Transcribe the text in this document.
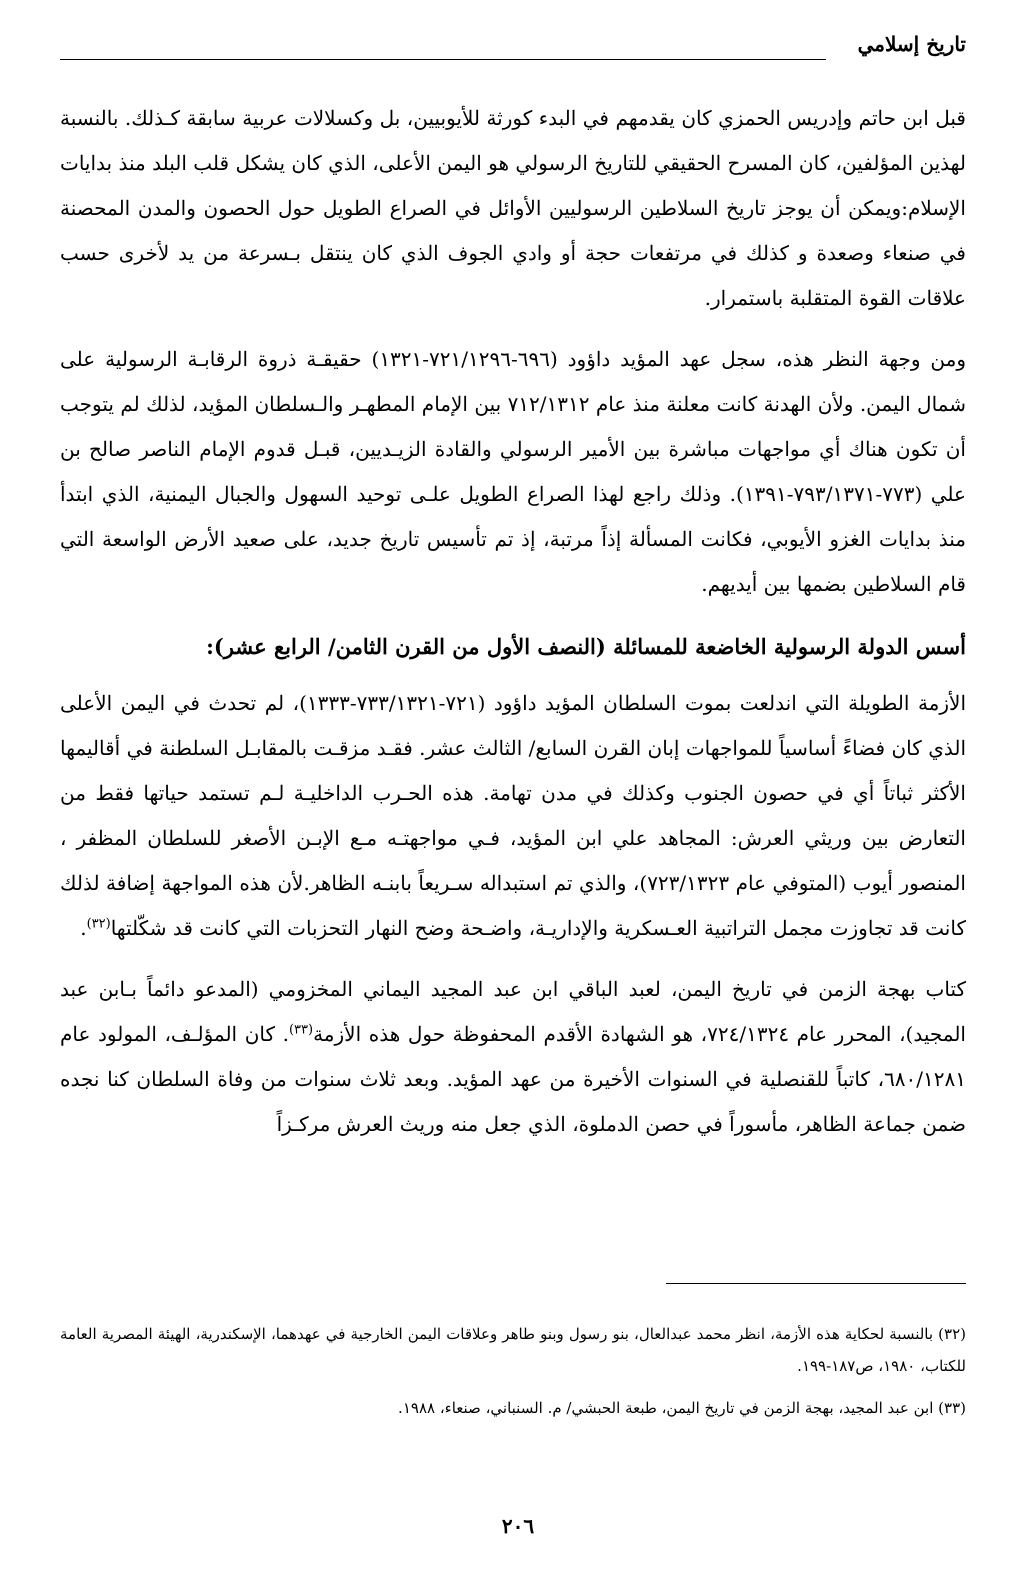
تاريخ إسلامي

قبل ابن حاتم وإدريس الحمزي كان يقدمهم في البدء كورثة للأيوبيين، بل وكسلالات عربية سابقة كـذلك. بالنسبة لهذين المؤلفين، كان المسرح الحقيقي للتاريخ الرسولي هو اليمن الأعلى، الذي كان يشكل قلب البلد منذ بدايات الإسلام:ويمكن أن يوجز تاريخ السلاطين الرسوليين الأوائل في الصراع الطويل حول الحصون والمدن المحصنة في صنعاء وصعدة و كذلك في مرتفعات حجة أو وادي الجوف الذي كان ينتقل بـسرعة من يد لأخرى حسب علاقات القوة المتقلبة باستمرار.

ومن وجهة النظر هذه، سجل عهد المؤيد داؤود (٦٩٦-٧٢١/١٢٩٦-١٣٢١) حقيقـة ذروة الرقابـة الرسولية على شمال اليمن. ولأن الهدنة كانت معلنة منذ عام ٧١٢/١٣١٢ بين الإمام المطهـر والـسلطان المؤيد، لذلك لم يتوجب أن تكون هناك أي مواجهات مباشرة بين الأمير الرسولي والقادة الزيـديين، قبـل قدوم الإمام الناصر صالح بن علي (٧٧٣-٧٩٣/١٣٧١-١٣٩١). وذلك راجع لهذا الصراع الطويل علـى توحيد السهول والجبال اليمنية، الذي ابتدأ منذ بدايات الغزو الأيوبي، فكانت المسألة إذاً مرتبة، إذ تم تأسيس تاريخ جديد، على صعيد الأرض الواسعة التي قام السلاطين بضمها بين أيديهم.

أسس الدولة الرسولية الخاضعة للمسائلة (النصف الأول من القرن الثامن/ الرابع عشر):

الأزمة الطويلة التي اندلعت بموت السلطان المؤيد داؤود (٧٢١-٧٣٣/١٣٢١-١٣٣٣)، لم تحدث في اليمن الأعلى الذي كان فضاءً أساسياً للمواجهات إبان القرن السابع/ الثالث عشر. فقـد مزقـت بالمقابـل السلطنة في أقاليمها الأكثر ثباتاً أي في حصون الجنوب وكذلك في مدن تهامة. هذه الحـرب الداخليـة لـم تستمد حياتها فقط من التعارض بين وريثي العرش: المجاهد علي ابن المؤيد، فـي مواجهتـه مـع الإبـن الأصغر للسلطان المظفر ، المنصور أيوب (المتوفي عام ٧٢٣/١٣٢٣)، والذي تم استبداله سـريعاً بابنـه الظاهر.لأن هذه المواجهة إضافة لذلك كانت قد تجاوزت مجمل التراتبية العـسكرية والإداريـة، واضـحة وضح النهار التحزبات التي كانت قد شكّلتها$^{(٣٢)}$.

كتاب بهجة الزمن في تاريخ اليمن، لعبد الباقي ابن عبد المجيد اليماني المخزومي (المدعو دائماً بـابن عبد المجيد)، المحرر عام ٧٢٤/١٣٢٤، هو الشهادة الأقدم المحفوظة حول هذه الأزمة$^{(٣٣)}$. كان المؤلـف، المولود عام ٦٨٠/١٢٨١، كاتباً للقنصلية في السنوات الأخيرة من عهد المؤيد. وبعد ثلاث سنوات من وفاة السلطان كنا نجده ضمن جماعة الظاهر، مأسوراً في حصن الدملوة، الذي جعل منه وريث العرش مركـزاً

(٣٢) بالنسبة لحكاية هذه الأزمة، انظر محمد عبدالعال، بنو رسول وبنو طاهر وعلاقات اليمن الخارجية في عهدهما، الإسكندرية، الهيئة المصرية العامة للكتاب، ١٩٨٠، ص١٨٧-١٩٩.

(٣٣) ابن عبد المجيد، بهجة الزمن في تاريخ اليمن، طبعة الحبشي/ م. السنباني، صنعاء، ١٩٨٨.

٢٠٦
